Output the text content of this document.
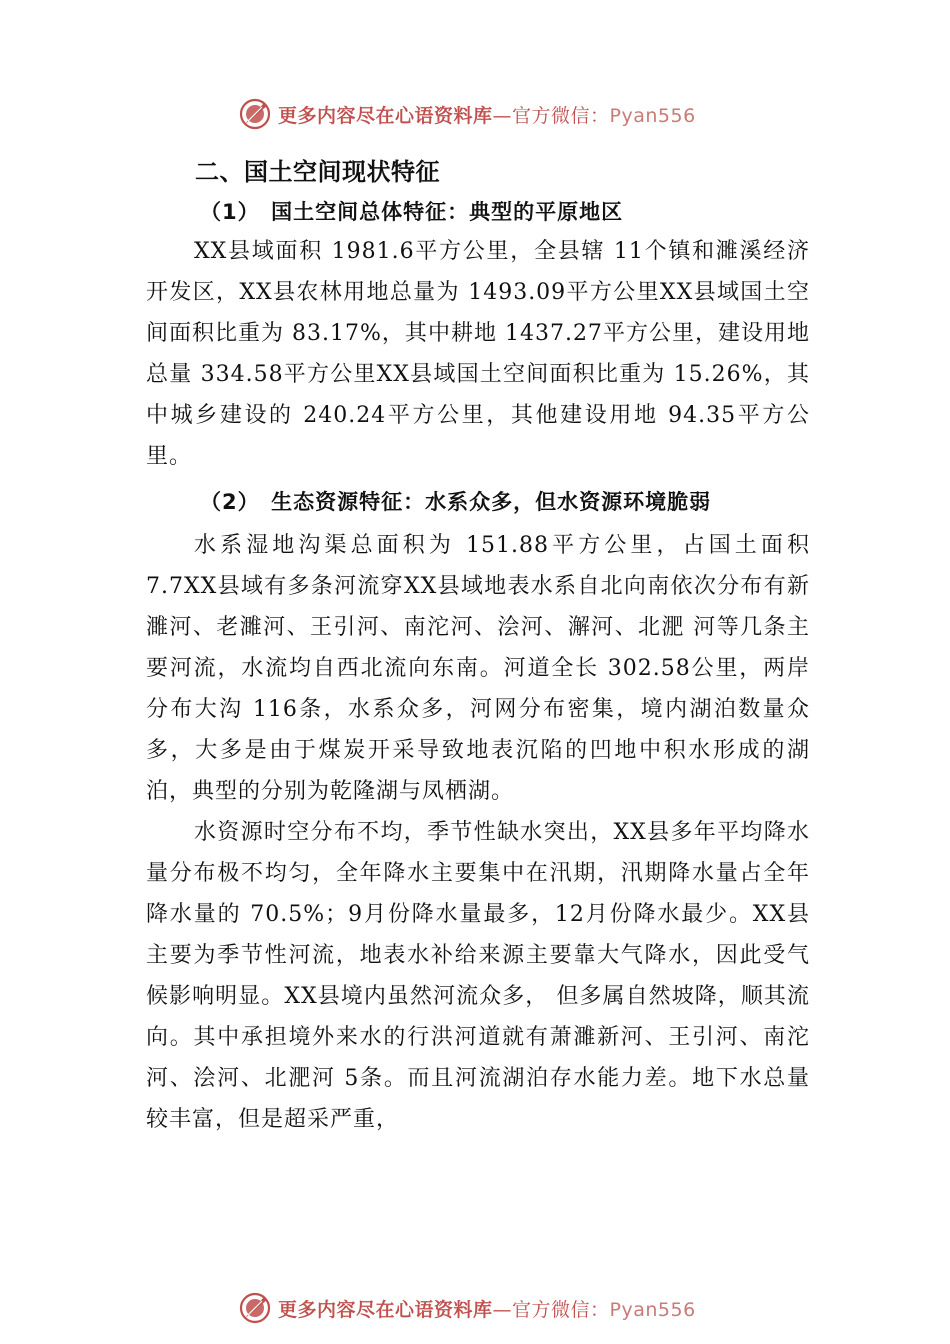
更多内容尽在心语资料库—官方微信：Pyan556
二、国土空间现状特征
（1）　国土空间总体特征：典型的平原地区

XX县域面积 1981.6平方公里，全县辖 11个镇和濉溪经济开发区，XX县农林用地总量为 1493.09平方公里XX县域国土空间面积比重为 83.17%，其中耕地 1437.27平方公里，建设用地总量 334.58平方公里XX县域国土空间面积比重为 15.26%，其中城乡建设的 240.24平方公里，其他建设用地 94.35平方公里。

（2）　生态资源特征：水系众多，但水资源环境脆弱

水系湿地沟渠总面积为 151.88平方公里，占国土面积7.7XX县域有多条河流穿XX县域地表水系自北向南依次分布有新濉河、老濉河、王引河、南沱河、浍河、澥河、北淝 河等几条主要河流，水流均自西北流向东南。河道全长 302.58公里，两岸分布大沟 116条，水系众多，河网分布密集，境内湖泊数量众多，大多是由于煤炭开采导致地表沉陷的凹地中积水形成的湖泊，典型的分别为乾隆湖与凤栖湖。

水资源时空分布不均，季节性缺水突出，XX县多年平均降水量分布极不均匀，全年降水主要集中在汛期，汛期降水量占全年降水量的 70.5%；9月份降水量最多，12月份降水最少。XX县主要为季节性河流，地表水补给来源主要靠大气降水，因此受气候影响明显。XX县境内虽然河流众多， 但多属自然坡降，顺其流向。其中承担境外来水的行洪河道就有萧濉新河、王引河、南沱河、浍河、北淝河 5条。而且河流湖泊存水能力差。地下水总量较丰富，但是超采严重，

更多内容尽在心语资料库—官方微信：Pyan556
